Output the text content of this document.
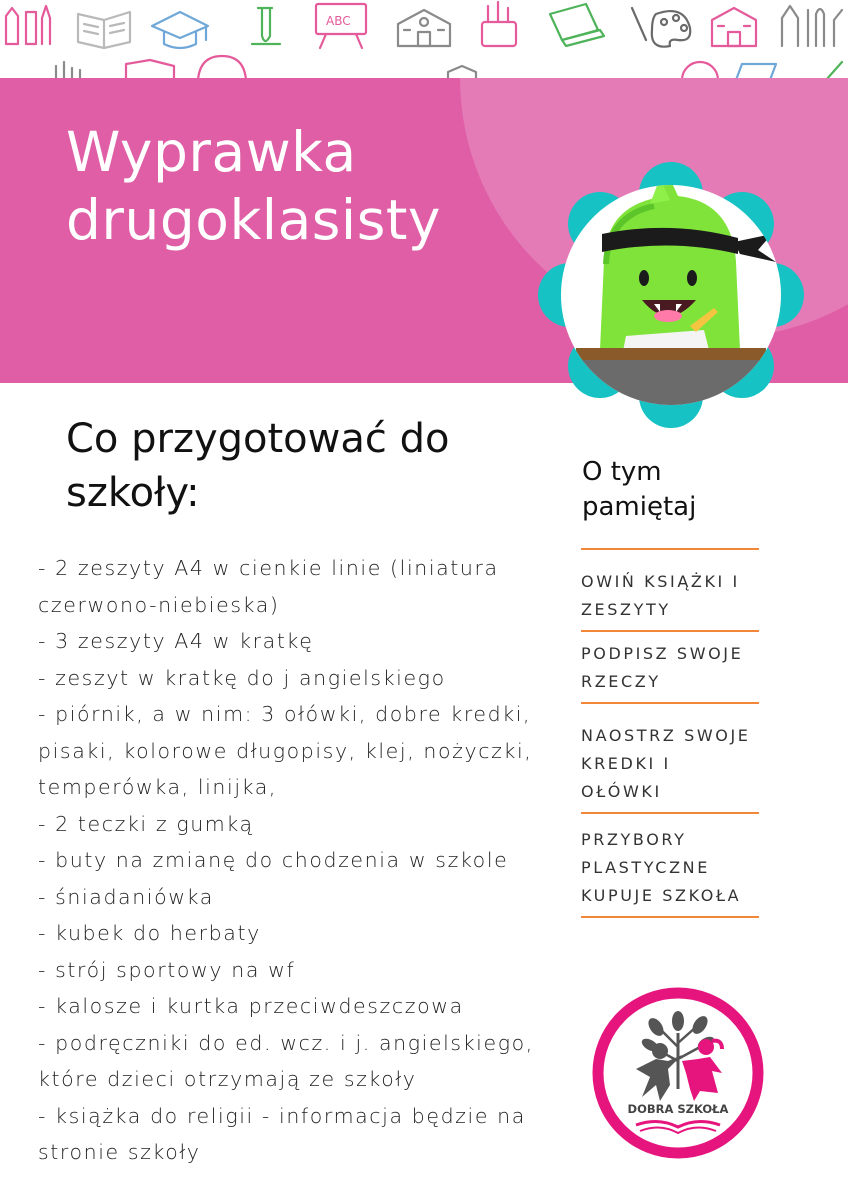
ABC
Wyprawka
drugoklasisty
Co przygotować do szkoły:
- 2 zeszyty A4 w cienkie linie (liniatura
czerwono-niebieska)
- 3 zeszyty A4 w kratkę
- zeszyt w kratkę do j angielskiego
- piórnik, a w nim: 3 ołówki, dobre kredki,
pisaki, kolorowe długopisy, klej, nożyczki,
temperówka, linijka,
- 2 teczki z gumką
- buty na zmianę do chodzenia w szkole
- śniadaniówka
- kubek do herbaty
- strój sportowy na wf
- kalosze i kurtka przeciwdeszczowa
- podręczniki do ed. wcz. i j. angielskiego,
które dzieci otrzymają ze szkoły
- książka do religii - informacja będzie na
stronie szkoły
O tym
pamiętaj
OWIŃ KSIĄŻKI I ZESZYTY
PODPISZ SWOJE RZECZY
NAOSTRZ SWOJE KREDKI I OŁÓWKI
PRZYBORY PLASTYCZNE KUPUJE SZKOŁA
DOBRA SZKOŁA
